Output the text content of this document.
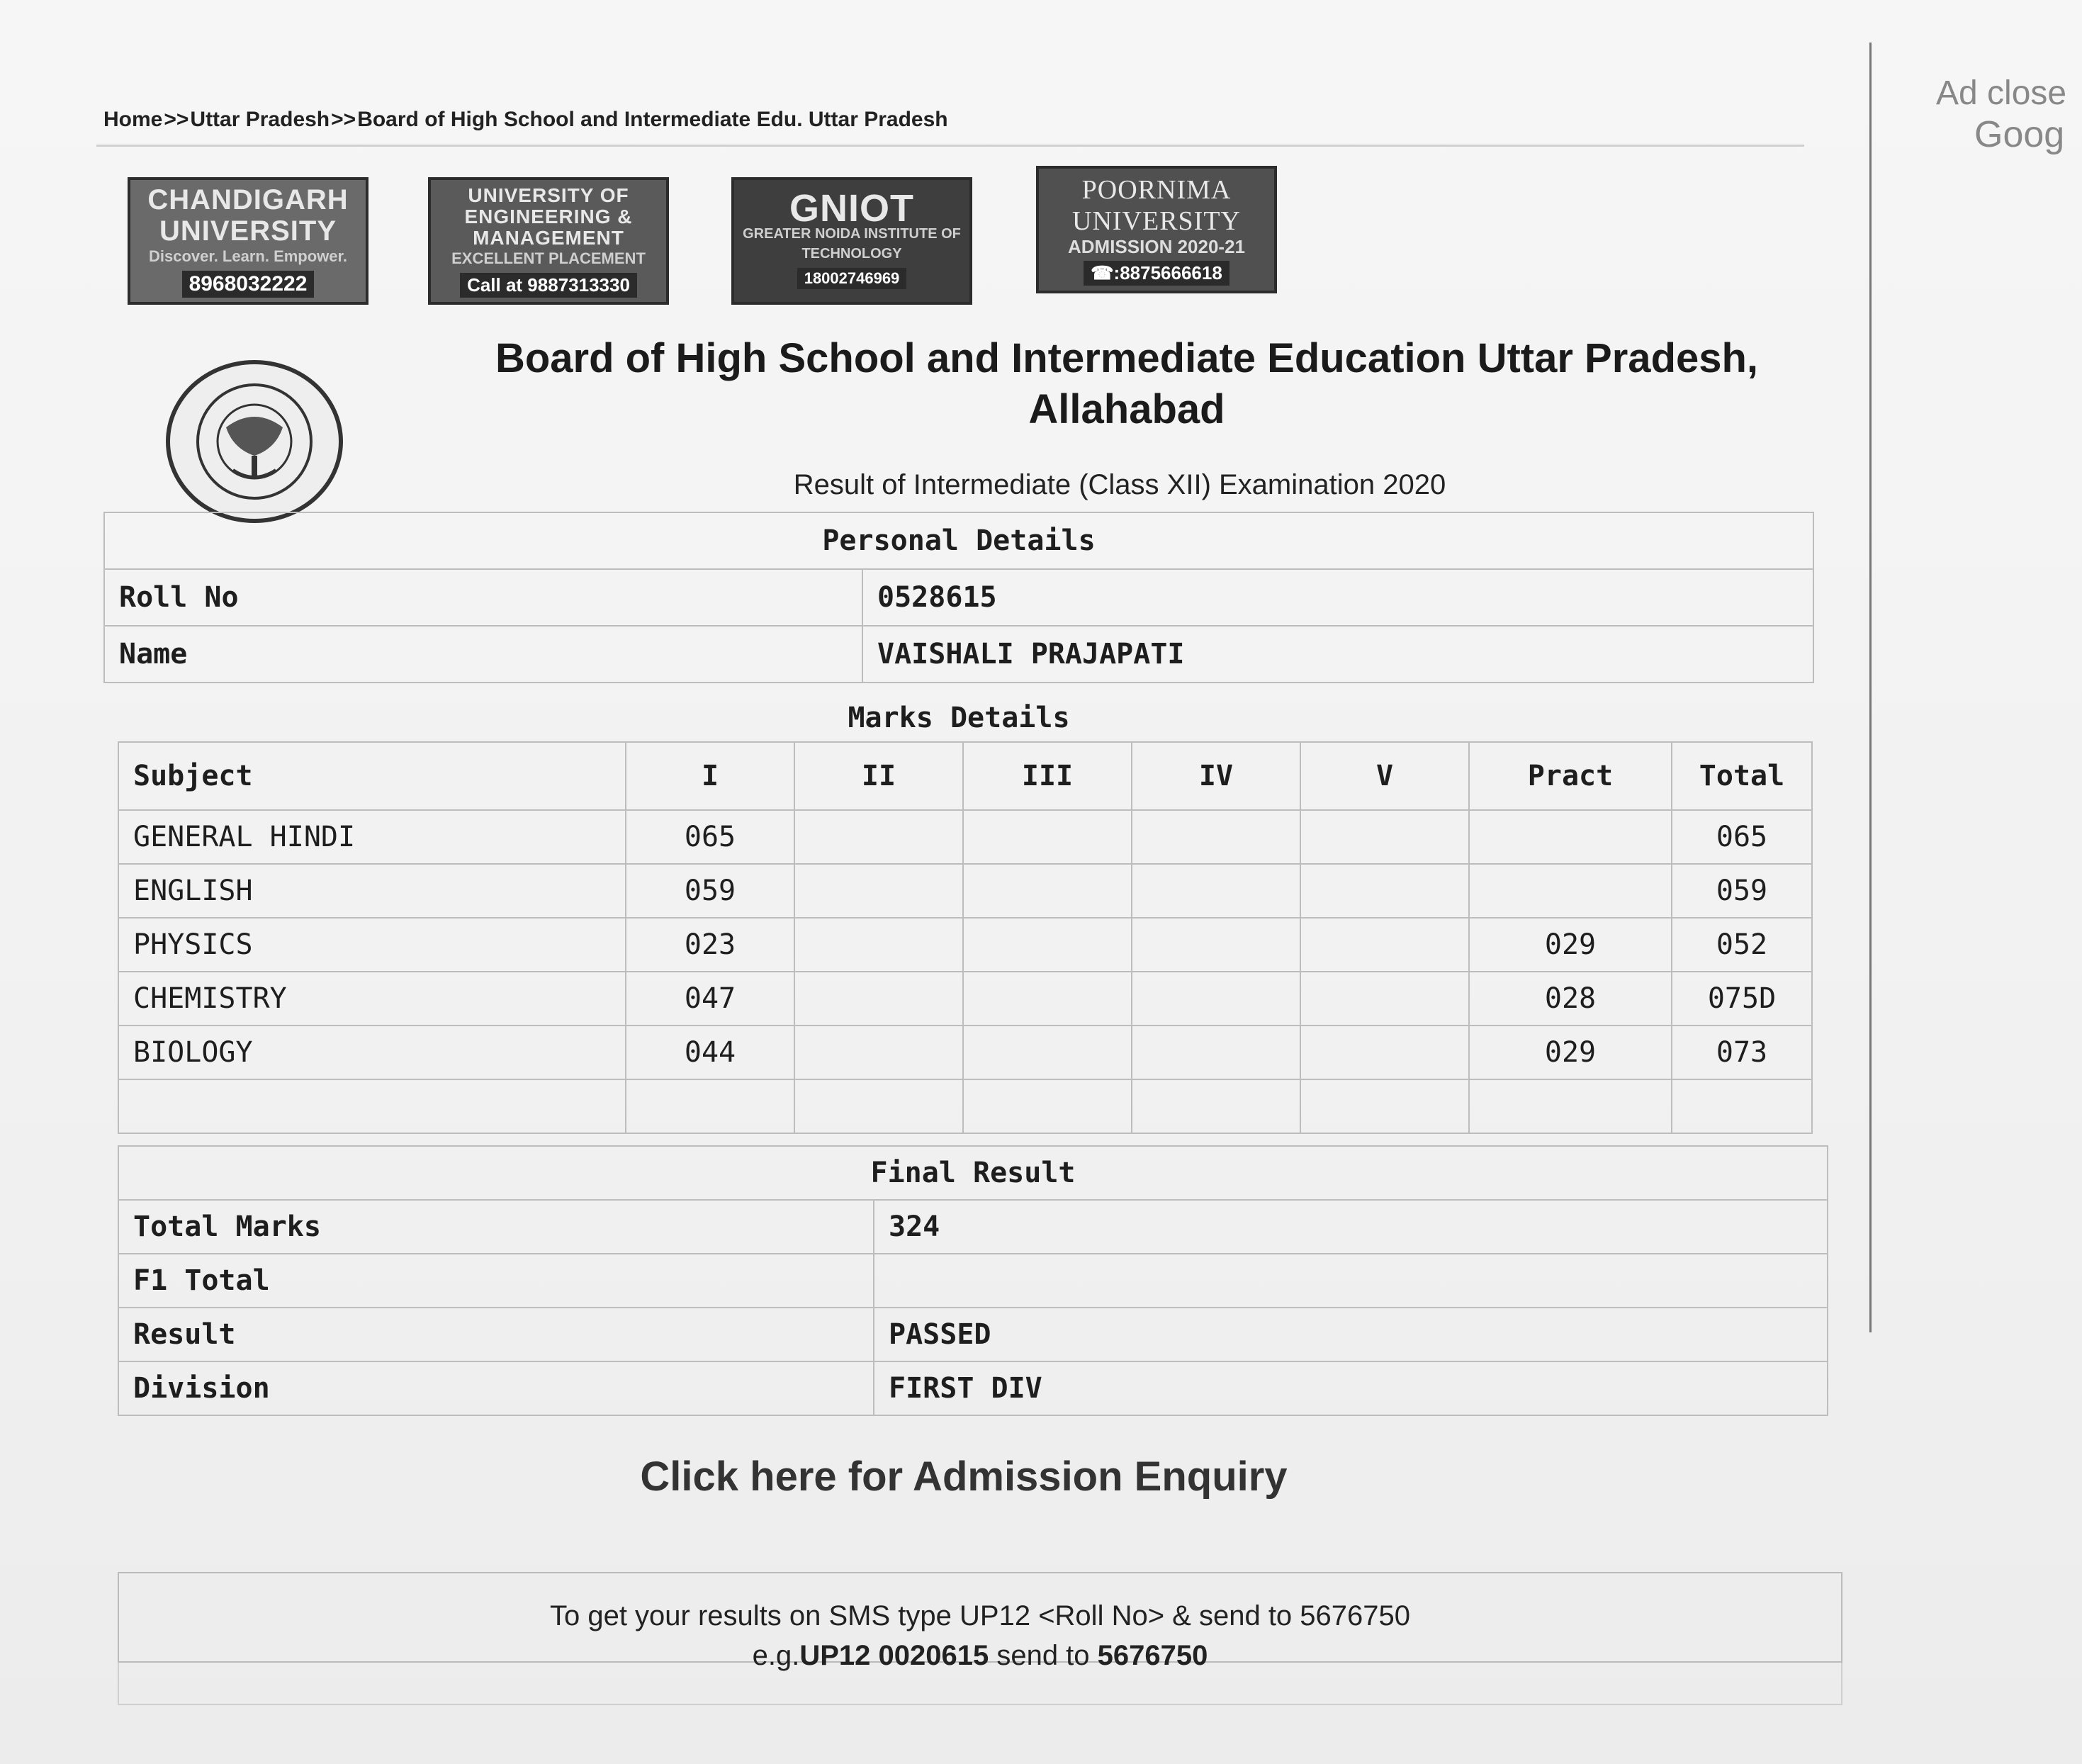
Home>>Uttar Pradesh>>Board of High School and Intermediate Edu. Uttar Pradesh
Ad close
Goog
CHANDIGARH UNIVERSITY
Discover. Learn. Empower.
8968032222
UNIVERSITY OF ENGINEERING & MANAGEMENT
EXCELLENT PLACEMENT
Call at 9887313330
GNIOT
GREATER NOIDA INSTITUTE OF TECHNOLOGY
18002746969
POORNIMA UNIVERSITY
ADMISSION 2020-21
☎:8875666618
Board of High School and Intermediate Education Uttar Pradesh,
Allahabad
Result of Intermediate (Class XII) Examination 2020
Personal Details	
Roll No	0528615
Name	VAISHALI PRAJAPATI
Marks Details
Subject	I	II	III	IV	V	Pract	Total
GENERAL HINDI	065						065
ENGLISH	059						059
PHYSICS	023					029	052
CHEMISTRY	047					028	075D
BIOLOGY	044					029	073

Final Result	
Total Marks	324
F1 Total	
Result	PASSED
Division	FIRST DIV
Click here for Admission Enquiry
To get your results on SMS type UP12 <Roll No> & send to 5676750
e.g.UP12 0020615 send to 5676750
